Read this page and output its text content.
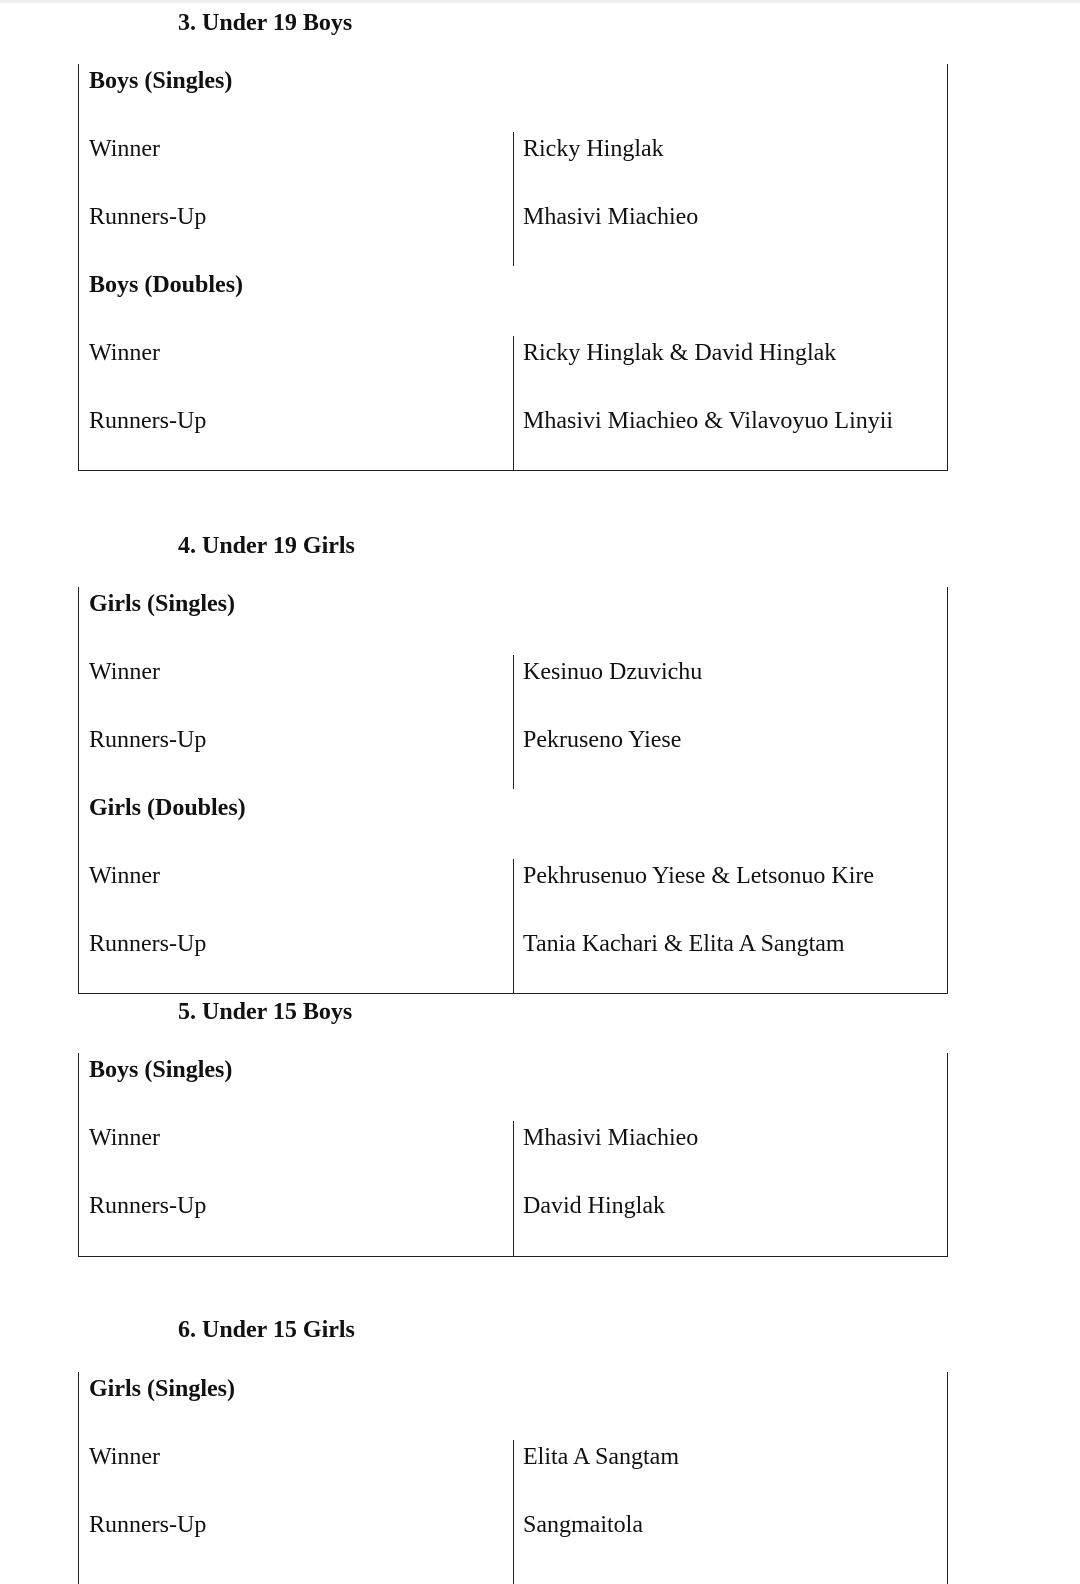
3. Under 19 Boys
Boys (Singles)
Winner	Ricky Hinglak
Runners-Up	Mhasivi Miachieo
Boys (Doubles)
Winner	Ricky Hinglak & David Hinglak
Runners-Up	Mhasivi Miachieo & Vilavoyuo Linyii
4. Under 19 Girls
Girls (Singles)
Winner	Kesinuo Dzuvichu
Runners-Up	Pekruseno Yiese
Girls (Doubles)
Winner	Pekhrusenuo Yiese & Letsonuo Kire
Runners-Up	Tania Kachari & Elita A Sangtam
5. Under 15 Boys
Boys (Singles)
Winner	Mhasivi Miachieo
Runners-Up	David Hinglak
6. Under 15 Girls
Girls (Singles)
Winner	Elita A Sangtam
Runners-Up	Sangmaitola
